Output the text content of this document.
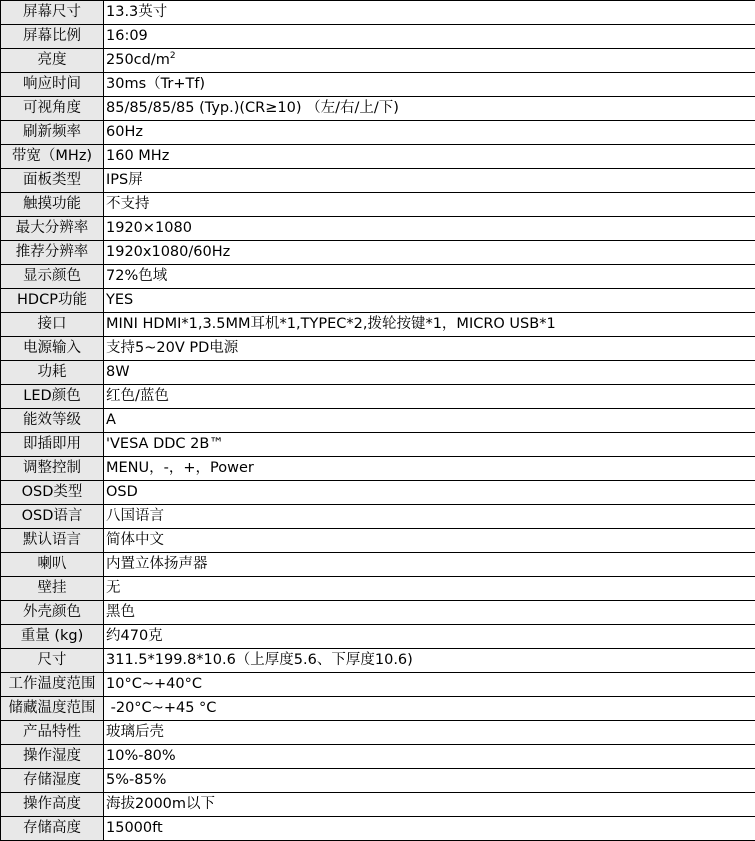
屏幕尺寸	13.3英寸
屏幕比例	16:09
亮度	$250cd/m^2$
响应时间	30ms（Tr+Tf)
可视角度	85/85/85/85 (Typ.)(CR≥10) （左/右/上/下)
刷新频率	60Hz
带宽（MHz)	160 MHz
面板类型	IPS屏
触摸功能	不支持
最大分辨率	1920×1080
推荐分辨率	1920x1080/60Hz
显示颜色	72%色域
HDCP功能	YES
接口	MINI HDMI*1,3.5MM耳机*1,TYPEC*2,拨轮按键*1，MICRO USB*1
电源输入	支持5~20V PD电源
功耗	8W
LED颜色	红色/蓝色
能效等级	A
即插即用	'VESA DDC 2B™
调整控制	MENU，-，+，Power
OSD类型	OSD
OSD语言	八国语言
默认语言	简体中文
喇叭	内置立体扬声器
壁挂	无
外壳颜色	黑色
重量 (kg)	约470克
尺寸	311.5*199.8*10.6（上厚度5.6、下厚度10.6)
工作温度范围	10°C~+40°C
储藏温度范围	-20°C~+45 °C
产品特性	玻璃后壳
操作湿度	10%-80%
存储湿度	5%-85%
操作高度	海拔2000m以下
存储高度	15000ft
